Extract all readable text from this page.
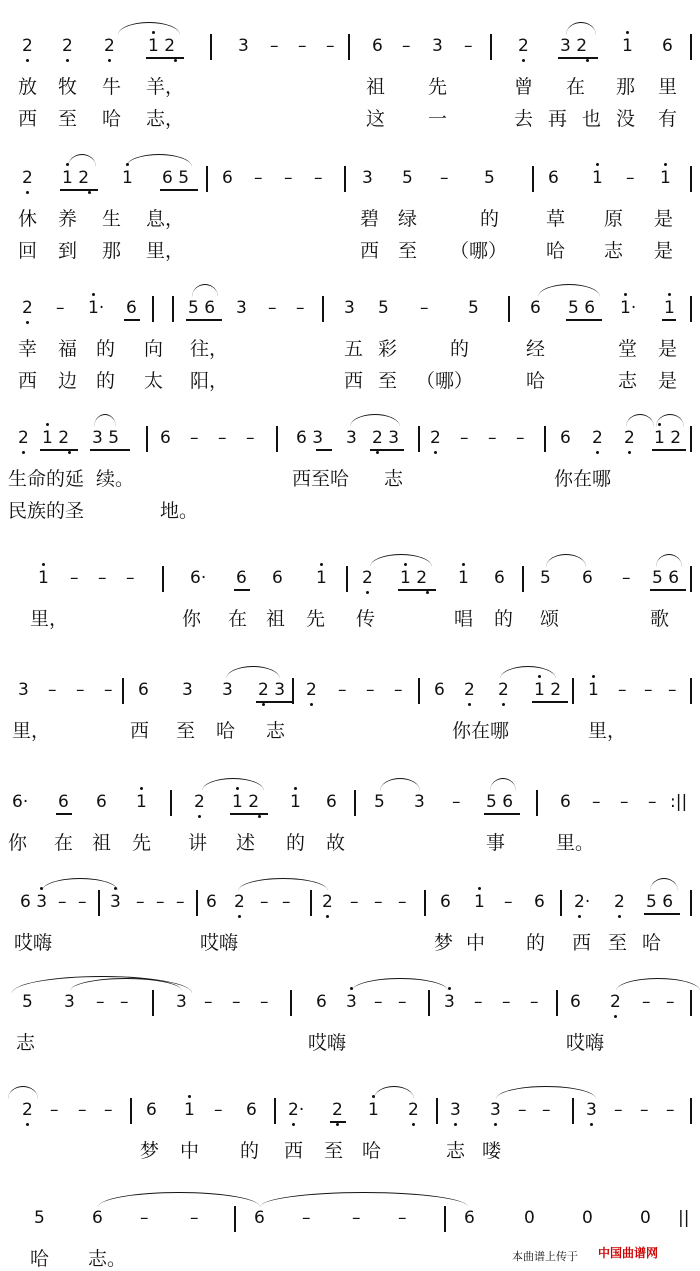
2 2 2 1 2	3 – – – 6 – 3 –	2 3 2 1 6
放 牧 牛 羊，	祖 先	曾 在 那 里
西 至 哈 志，	这 一	去 再 也 没 有
2 1 2 1 6 5 6 – – – 3 5 – 5	6 1 – 1
休 养 生 息，	碧 绿	的 草 原 是
回 到 那 里，	西 至 （哪） 哈 志 是
2 – 1· 6	5 6 3 – – 3 5 – 5	6 5 6 1· 1
幸 福 的 向 往，	五 彩	的	经	堂 是
西 边 的 太 阳，	西 至 （哪）	哈	志 是
2 1 2 3 5 6 – – – 6 3 3 2 3 2 – – – 6 2 2 1 2
生命的延 续。	西至哈 志	你在哪
民族的圣	地。
1 – – –	6· 6 6 1 2 1 2 1 6 5 6 – 5 6
里，	你 在 祖 先 传	唱 的 颂	歌
3 – – – 6 3 3 2 3 2 – – – 6 2 2 1 2 1 – – –
里，	西 至 哈 志	你在哪	里，
6· 6 6 1	2 1 2 1 6 5 3 – 5 6	6 – – – :||
你 在 祖 先 讲 述 的 故	事	里。
6 3 – – 3 – – – 6 2 – – 2 – – – 6 1 – 6 2· 2 5 6
哎嗨	哎嗨	梦 中 的 西 至 哈
5 3 – –	3 – – –	6 3 – – 3 – – – 6 2 – –
志	哎嗨	哎嗨
2 – – – 6 1 – 6 2· 2 1 2 3 3 – – 3 – – –
梦 中 的 西 至 哈	志 喽
5	6 – –	6 – – –	6	0	0	0 ||
哈 志。	本曲谱上传于 中国曲谱网
